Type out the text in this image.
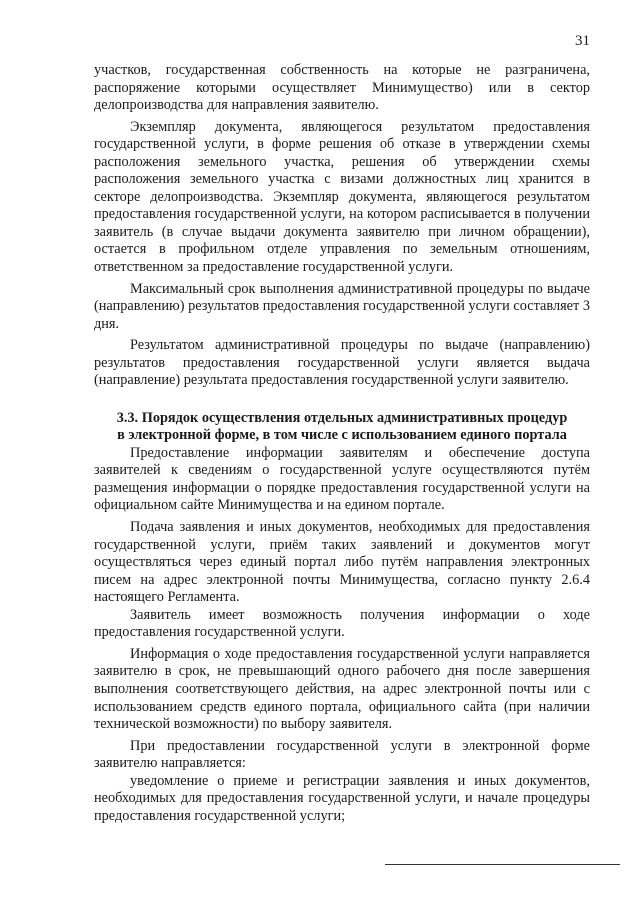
31

участков, государственная собственность на которые не разграничена, распоряжение которыми осуществляет Минимущество) или в сектор делопроизводства для направления заявителю.

Экземпляр документа, являющегося результатом предоставления государственной услуги, в форме решения об отказе в утверждении схемы расположения земельного участка, решения об утверждении схемы расположения земельного участка с визами должностных лиц хранится в секторе делопроизводства. Экземпляр документа, являющегося результатом предоставления государственной услуги, на котором расписывается в получении заявитель (в случае выдачи документа заявителю при личном обращении), остается в профильном отделе управления по земельным отношениям, ответственном за предоставление государственной услуги.

Максимальный срок выполнения административной процедуры по выдаче (направлению) результатов предоставления государственной услуги составляет 3 дня.

Результатом административной процедуры по выдаче (направлению) результатов предоставления государственной услуги является выдача (направление) результата предоставления государственной услуги заявителю.

3.3. Порядок осуществления отдельных административных процедур в электронной форме, в том числе с использованием единого портала

Предоставление информации заявителям и обеспечение доступа заявителей к сведениям о государственной услуге осуществляются путём размещения информации о порядке предоставления государственной услуги на официальном сайте Минимущества и на едином портале.

Подача заявления и иных документов, необходимых для предоставления государственной услуги, приём таких заявлений и документов могут осуществляться через единый портал либо путём направления электронных писем на адрес электронной почты Минимущества, согласно пункту 2.6.4 настоящего Регламента.

Заявитель имеет возможность получения информации о ходе предоставления государственной услуги.

Информация о ходе предоставления государственной услуги направляется заявителю в срок, не превышающий одного рабочего дня после завершения выполнения соответствующего действия, на адрес электронной почты или с использованием средств единого портала, официального сайта (при наличии технической возможности) по выбору заявителя.

При предоставлении государственной услуги в электронной форме заявителю направляется:

уведомление о приеме и регистрации заявления и иных документов, необходимых для предоставления государственной услуги, и начале процедуры предоставления государственной услуги;
